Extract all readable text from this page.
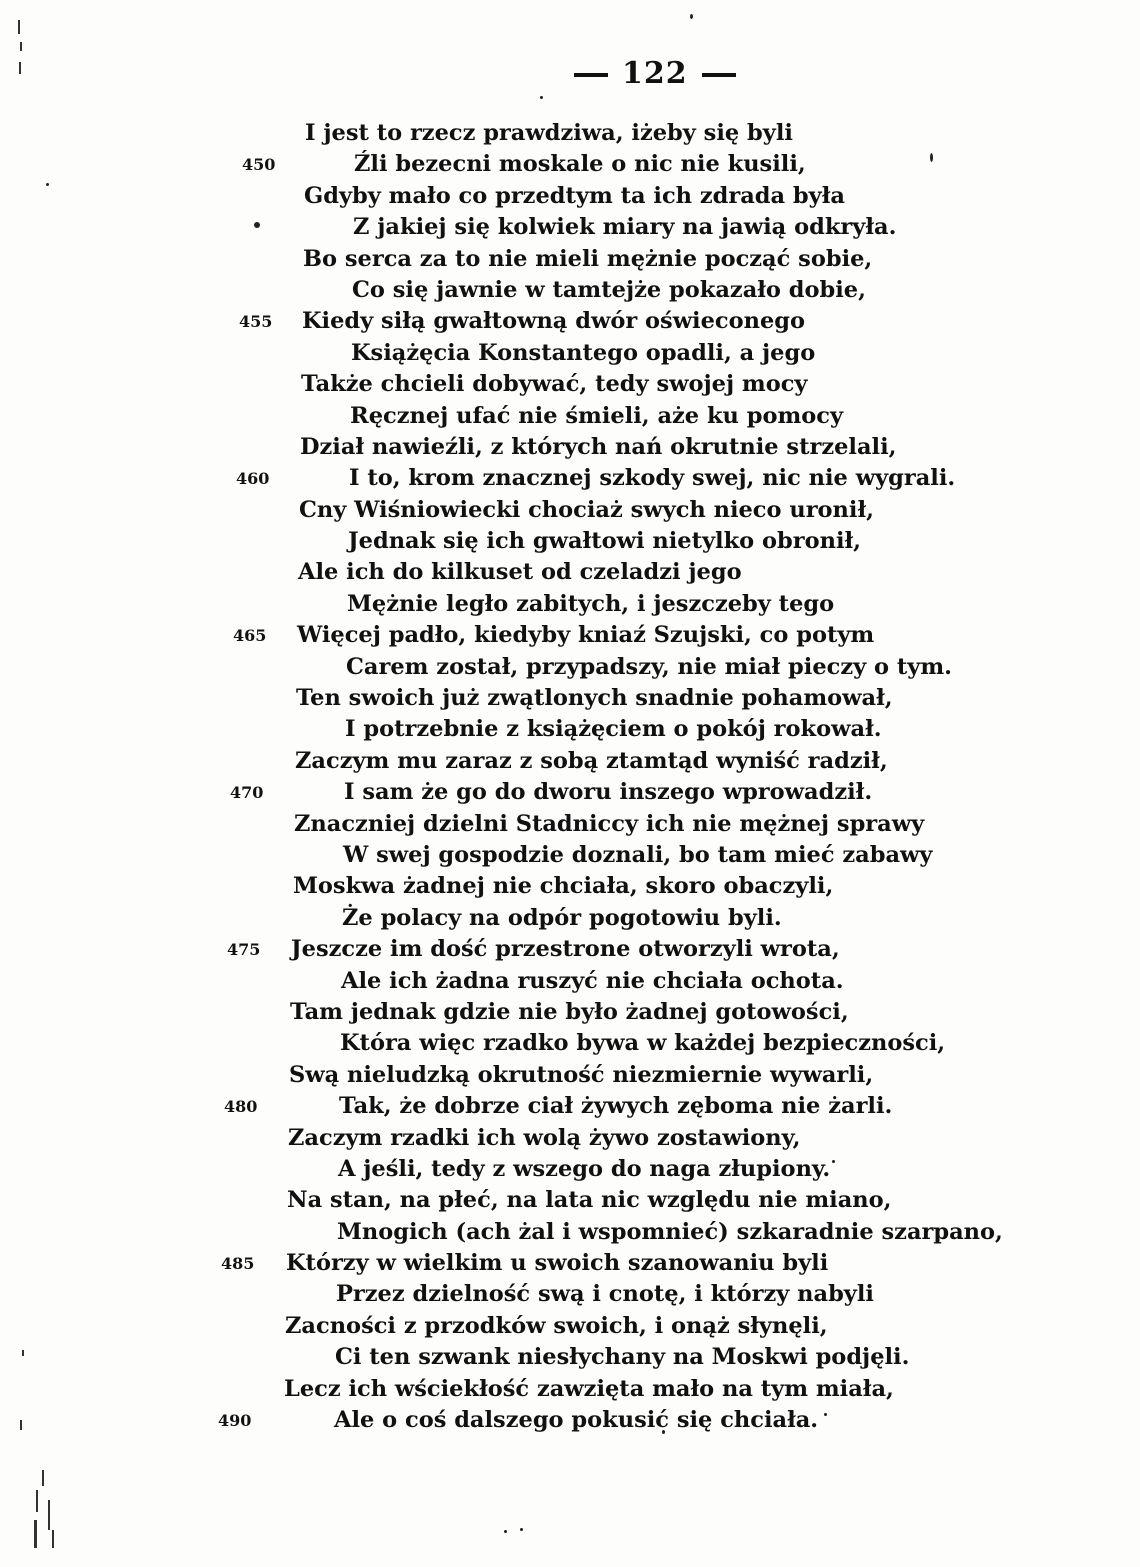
122
I jest to rzecz prawdziwa, iżeby się byli
450	Źli bezecni moskale o nic nie kusili,
Gdyby mało co przedtym ta ich zdrada była
Z jakiej się kolwiek miary na jawią odkryła.
Bo serca za to nie mieli mężnie począć sobie,
Co się jawnie w tamtejże pokazało dobie,
455 Kiedy siłą gwałtowną dwór oświeconego
Książęcia Konstantego opadli, a jego
Także chcieli dobywać, tedy swojej mocy
Ręcznej ufać nie śmieli, aże ku pomocy
Dział nawieźli, z których nań okrutnie strzelali,
460	I to, krom znacznej szkody swej, nic nie wygrali.
Cny Wiśniowiecki chociaż swych nieco uronił,
Jednak się ich gwałtowi nietylko obronił,
Ale ich do kilkuset od czeladzi jego
Mężnie legło zabitych, i jeszczeby tego
465 Więcej padło, kiedyby kniaź Szujski, co potym
Carem został, przypadszy, nie miał pieczy o tym.
Ten swoich już zwątlonych snadnie pohamował,
I potrzebnie z książęciem o pokój rokował.
Zaczym mu zaraz z sobą ztamtąd wyniść radził,
470	I sam że go do dworu inszego wprowadził.
Znaczniej dzielni Stadniccy ich nie mężnej sprawy
W swej gospodzie doznali, bo tam mieć zabawy
Moskwa żadnej nie chciała, skoro obaczyli,
Że polacy na odpór pogotowiu byli.
475 Jeszcze im dość przestrone otworzyli wrota,
Ale ich żadna ruszyć nie chciała ochota.
Tam jednak gdzie nie było żadnej gotowości,
Która więc rzadko bywa w każdej bezpieczności,
Swą nieludzką okrutność niezmiernie wywarli,
480	Tak, że dobrze ciał żywych zęboma nie żarli.
Zaczym rzadki ich wolą żywo zostawiony,
A jeśli, tedy z wszego do naga złupiony.
Na stan, na płeć, na lata nic względu nie miano,
Mnogich (ach żal i wspomnieć) szkaradnie szarpano,
485 Którzy w wielkim u swoich szanowaniu byli
Przez dzielność swą i cnotę, i którzy nabyli
Zacności z przodków swoich, i onąż słynęli,
Ci ten szwank niesłychany na Moskwi podjęli.
Lecz ich wściekłość zawzięta mało na tym miała,
490	Ale o coś dalszego pokusić się chciała.
